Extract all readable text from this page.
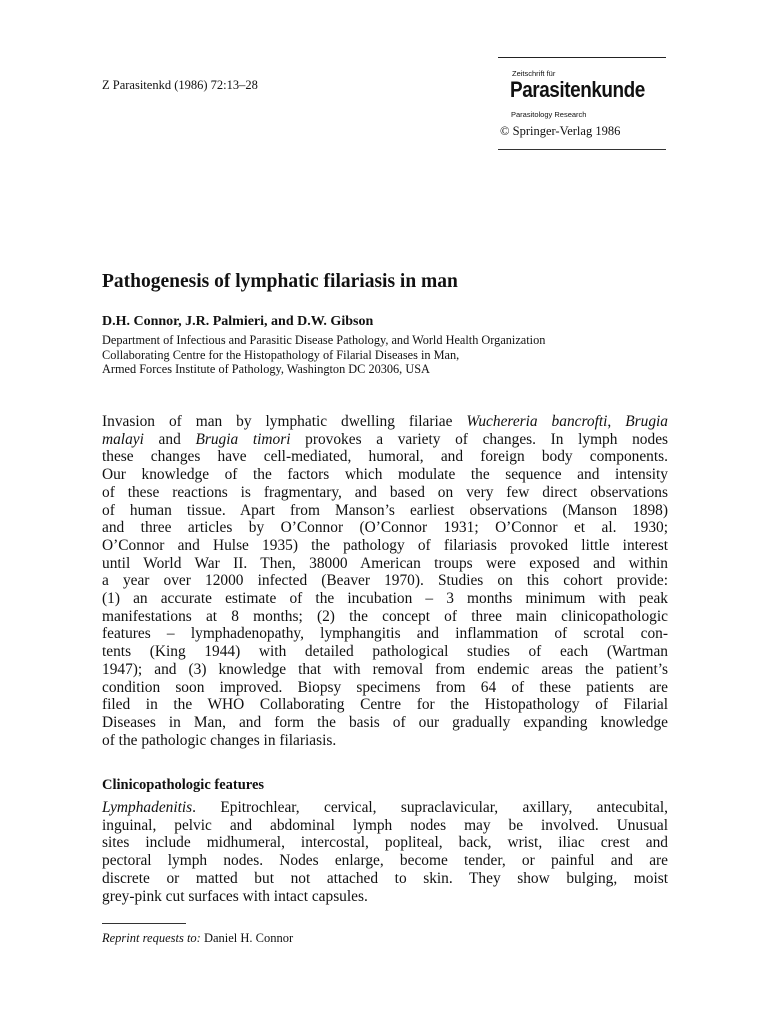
Z Parasitenkd (1986) 72:13–28
Zeitschrift für
Parasitenkunde
Parasitology Research
© Springer-Verlag 1986
Pathogenesis of lymphatic filariasis in man
D.H. Connor, J.R. Palmieri, and D.W. Gibson
Department of Infectious and Parasitic Disease Pathology, and World Health Organization
Collaborating Centre for the Histopathology of Filarial Diseases in Man,
Armed Forces Institute of Pathology, Washington DC 20306, USA
Invasion of man by lymphatic dwelling filariae Wuchereria bancrofti, Brugia
malayi and Brugia timori provokes a variety of changes. In lymph nodes
these changes have cell-mediated, humoral, and foreign body components.
Our knowledge of the factors which modulate the sequence and intensity
of these reactions is fragmentary, and based on very few direct observations
of human tissue. Apart from Manson’s earliest observations (Manson 1898)
and three articles by O’Connor (O’Connor 1931; O’Connor et al. 1930;
O’Connor and Hulse 1935) the pathology of filariasis provoked little interest
until World War II. Then, 38000 American troups were exposed and within
a year over 12000 infected (Beaver 1970). Studies on this cohort provide:
(1) an accurate estimate of the incubation – 3 months minimum with peak
manifestations at 8 months; (2) the concept of three main clinicopathologic
features – lymphadenopathy, lymphangitis and inflammation of scrotal con-
tents (King 1944) with detailed pathological studies of each (Wartman
1947); and (3) knowledge that with removal from endemic areas the patient’s
condition soon improved. Biopsy specimens from 64 of these patients are
filed in the WHO Collaborating Centre for the Histopathology of Filarial
Diseases in Man, and form the basis of our gradually expanding knowledge
of the pathologic changes in filariasis.
Clinicopathologic features
Lymphadenitis. Epitrochlear, cervical, supraclavicular, axillary, antecubital,
inguinal, pelvic and abdominal lymph nodes may be involved. Unusual
sites include midhumeral, intercostal, popliteal, back, wrist, iliac crest and
pectoral lymph nodes. Nodes enlarge, become tender, or painful and are
discrete or matted but not attached to skin. They show bulging, moist
grey-pink cut surfaces with intact capsules.
Reprint requests to: Daniel H. Connor
